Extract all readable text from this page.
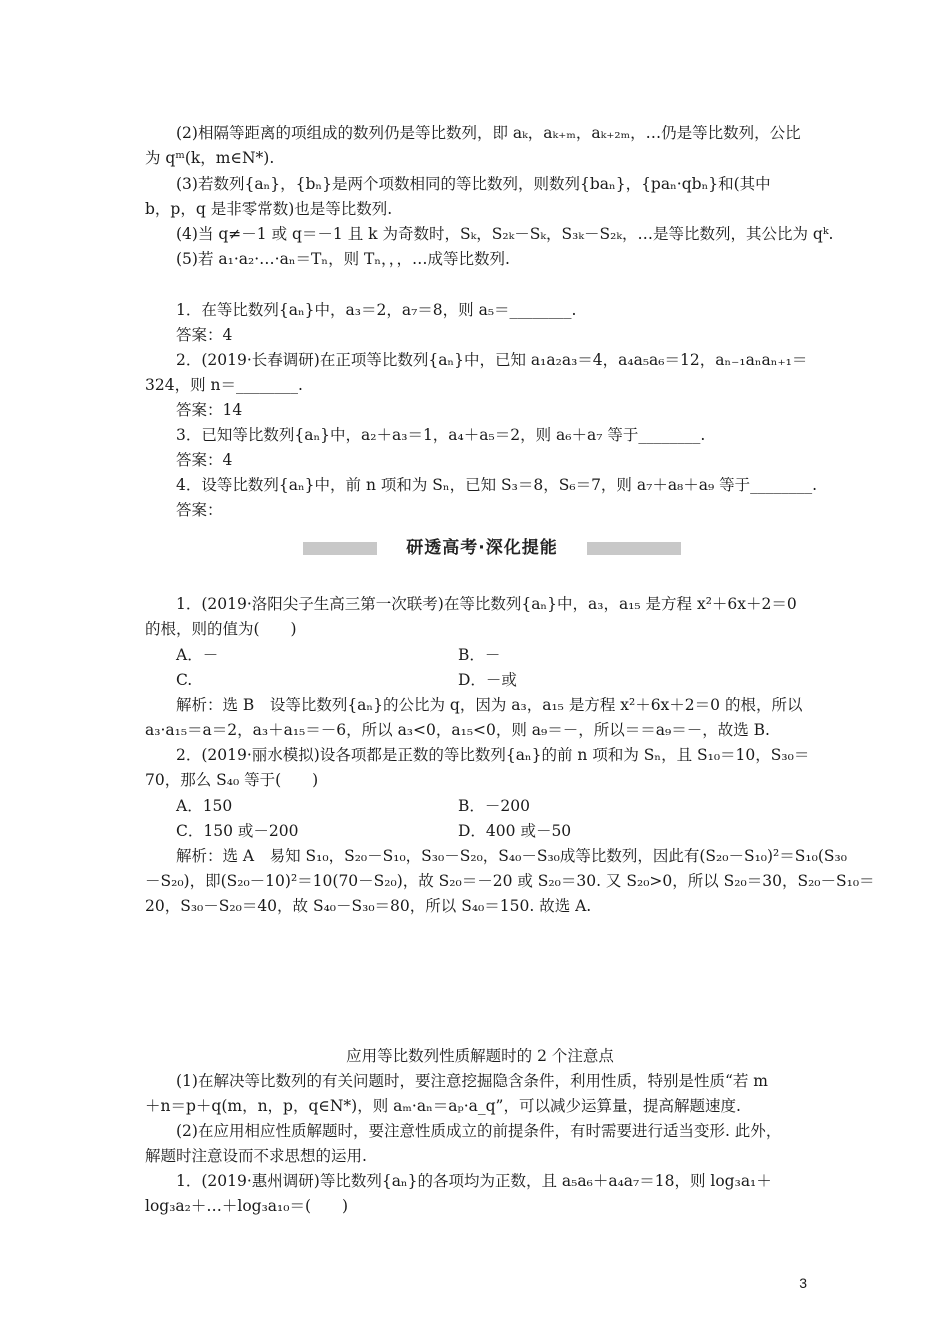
(2)相隔等距离的项组成的数列仍是等比数列，即 aₖ，aₖ₊ₘ，aₖ₊₂ₘ，…仍是等比数列，公比
为 qᵐ(k，m∈N*).
(3)若数列{aₙ}，{bₙ}是两个项数相同的等比数列，则数列{baₙ}，{paₙ·qbₙ}和(其中
b，p，q 是非零常数)也是等比数列.
(4)当 q≠－1 或 q＝－1 且 k 为奇数时，Sₖ，S₂ₖ－Sₖ，S₃ₖ－S₂ₖ，…是等比数列，其公比为 qᵏ.
(5)若 a₁·a₂·…·aₙ＝Tₙ，则 Tₙ，，，…成等比数列.
1．在等比数列{aₙ}中，a₃＝2，a₇＝8，则 a₅＝________.
答案：4
2．(2019·长春调研)在正项等比数列{aₙ}中，已知 a₁a₂a₃＝4，a₄a₅a₆＝12，aₙ₋₁aₙaₙ₊₁＝
324，则 n＝________.
答案：14
3．已知等比数列{aₙ}中，a₂＋a₃＝1，a₄＋a₅＝2，则 a₆＋a₇ 等于________.
答案：4
4．设等比数列{aₙ}中，前 n 项和为 Sₙ，已知 S₃＝8，S₆＝7，则 a₇＋a₈＋a₉ 等于________.
答案：
研透高考·深化提能
1．(2019·洛阳尖子生高三第一次联考)在等比数列{aₙ}中，a₃，a₁₅ 是方程 x²＋6x＋2＝0
的根，则的值为(　　)
A．－	B．－
C.	D．－或
解析：选 B　设等比数列{aₙ}的公比为 q，因为 a₃，a₁₅ 是方程 x²＋6x＋2＝0 的根，所以
a₃·a₁₅＝a＝2，a₃＋a₁₅＝－6，所以 a₃<0，a₁₅<0，则 a₉＝－，所以＝＝a₉＝－，故选 B.
2．(2019·丽水模拟)设各项都是正数的等比数列{aₙ}的前 n 项和为 Sₙ，且 S₁₀＝10，S₃₀＝
70，那么 S₄₀ 等于(　　)
A．150	B．－200
C．150 或－200	D．400 或－50
解析：选 A　易知 S₁₀，S₂₀－S₁₀，S₃₀－S₂₀，S₄₀－S₃₀成等比数列，因此有(S₂₀－S₁₀)²＝S₁₀(S₃₀
－S₂₀)，即(S₂₀－10)²＝10(70－S₂₀)，故 S₂₀＝－20 或 S₂₀＝30. 又 S₂₀>0，所以 S₂₀＝30，S₂₀－S₁₀＝
20，S₃₀－S₂₀＝40，故 S₄₀－S₃₀＝80，所以 S₄₀＝150. 故选 A.
应用等比数列性质解题时的 2 个注意点
(1)在解决等比数列的有关问题时，要注意挖掘隐含条件，利用性质，特别是性质“若 m
＋n＝p＋q(m，n，p，q∈N*)，则 aₘ·aₙ＝aₚ·a_q”，可以减少运算量，提高解题速度.
(2)在应用相应性质解题时，要注意性质成立的前提条件，有时需要进行适当变形. 此外，
解题时注意设而不求思想的运用.
1．(2019·惠州调研)等比数列{aₙ}的各项均为正数，且 a₅a₆＋a₄a₇＝18，则 log₃a₁＋
log₃a₂＋…＋log₃a₁₀＝(　　)
3
